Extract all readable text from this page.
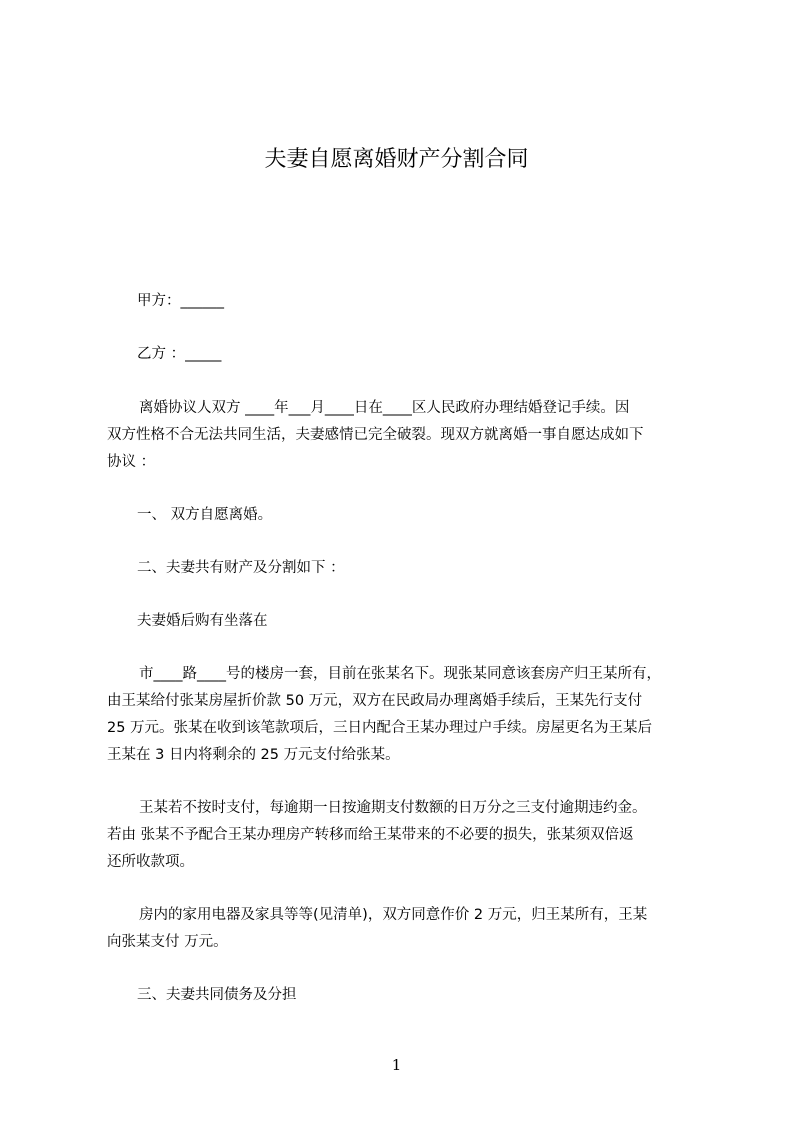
夫妻自愿离婚财产分割合同
甲方：______
乙方 ：_____
离婚协议人双方 ____年___月____日在____区人民政府办理结婚登记手续。因
双方性格不合无法共同生活，夫妻感情已完全破裂。现双方就离婚一事自愿达成如下
协议 ：
一、 双方自愿离婚。
二、夫妻共有财产及分割如下 ：
夫妻婚后购有坐落在
市____路____号的楼房一套，目前在张某名下。现张某同意该套房产归王某所有，
由王某给付张某房屋折价款 50 万元，双方在民政局办理离婚手续后，王某先行支付
25 万元。张某在收到该笔款项后，三日内配合王某办理过户手续。房屋更名为王某后
王某在 3 日内将剩余的 25 万元支付给张某。
王某若不按时支付，每逾期一日按逾期支付数额的日万分之三支付逾期违约金。
若由 张某不予配合王某办理房产转移而给王某带来的不必要的损失，张某须双倍返
还所收款项。
房内的家用电器及家具等等(见清单)，双方同意作价 2 万元，归王某所有，王某
向张某支付 万元。
三、夫妻共同债务及分担
1
